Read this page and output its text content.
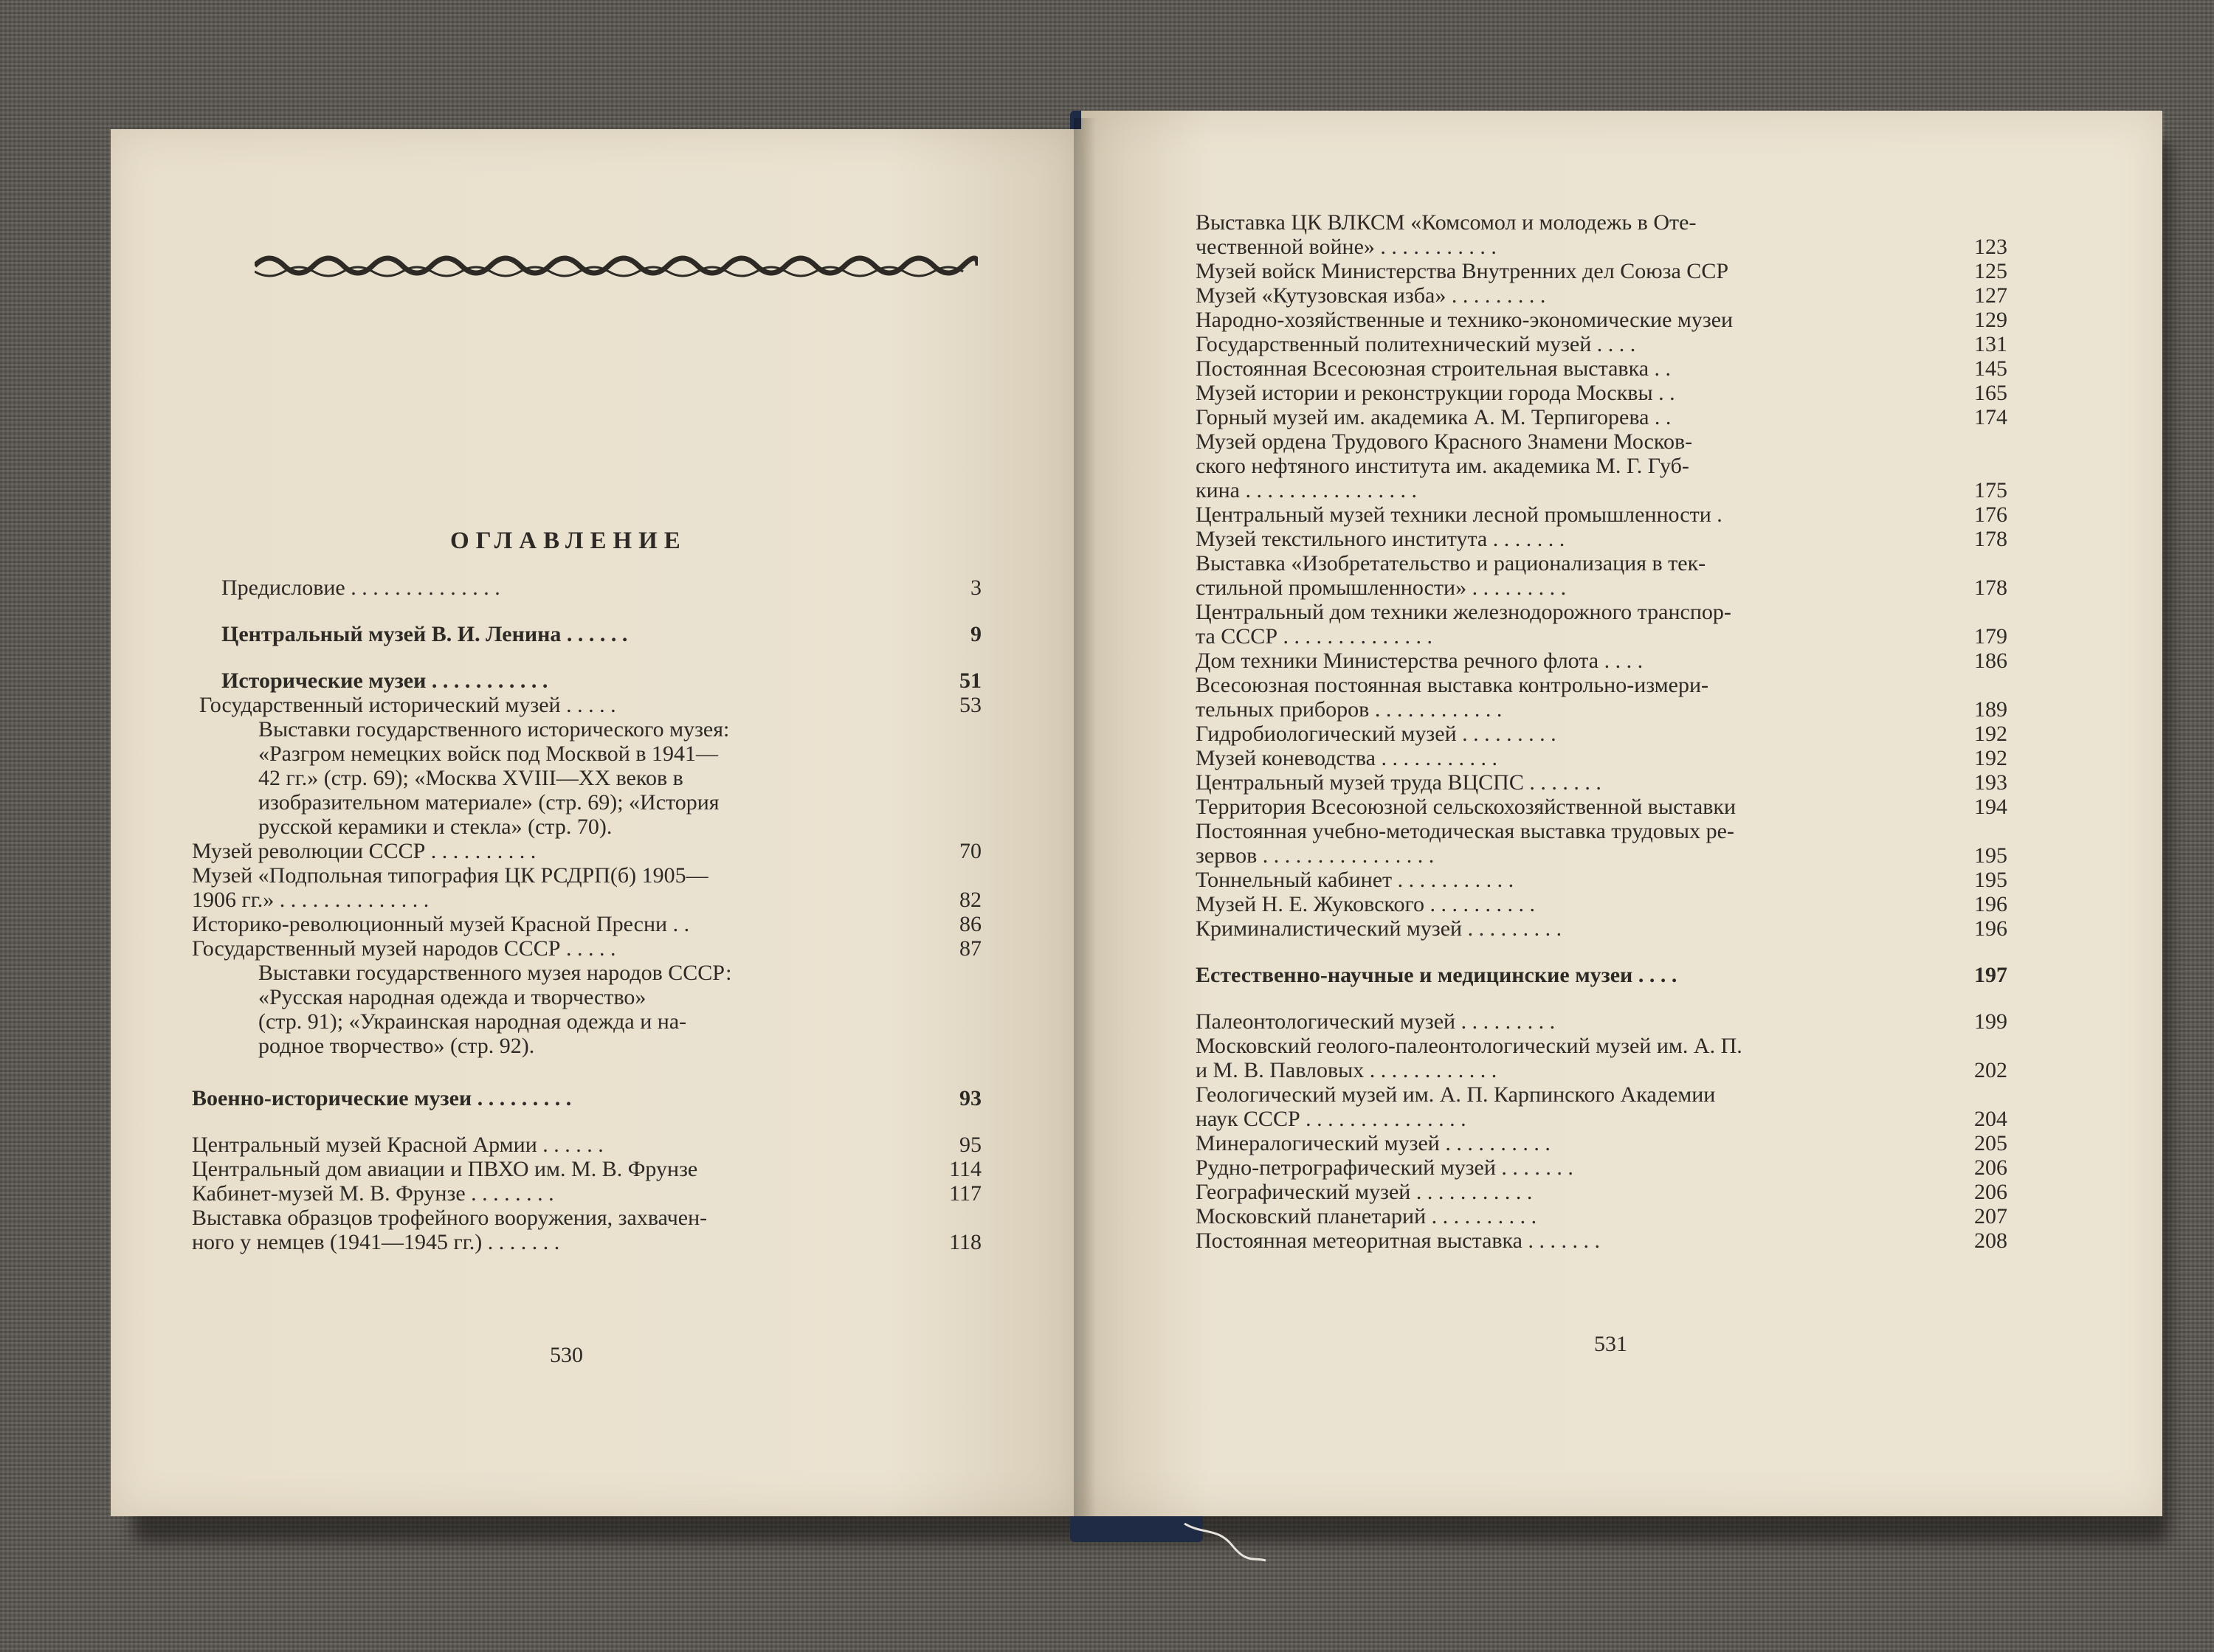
ОГЛАВЛЕНИЕ
Предисловие . . . . . . . . . . . . . .	3
Центральный музей В. И. Ленина . . . . . .	9
Исторические музеи . . . . . . . . . . .	51
Государственный исторический музей . . . . .	53
Выставки государственного исторического музея:
«Разгром немецких войск под Москвой в 1941—
42 гг.» (стр. 69); «Москва XVIII—XX веков в
изобразительном материале» (стр. 69); «История
русской керамики и стекла» (стр. 70).
Музей революции СССР . . . . . . . . . .	70
Музей «Подпольная типография ЦК РСДРП(б) 1905—
1906 гг.» . . . . . . . . . . . . . .	82
Историко-революционный музей Красной Пресни . .	86
Государственный музей народов СССР . . . . .	87
Выставки государственного музея народов СССР:
«Русская народная одежда и творчество»
(стр. 91); «Украинская народная одежда и на-
родное творчество» (стр. 92).
Военно-исторические музеи . . . . . . . . .	93
Центральный музей Красной Армии . . . . . .	95
Центральный дом авиации и ПВХО им. М. В. Фрунзе	114
Кабинет-музей М. В. Фрунзе . . . . . . . .	117
Выставка образцов трофейного вооружения, захвачен-
ного у немцев (1941—1945 гг.) . . . . . . .	118
530
Выставка ЦК ВЛКСМ «Комсомол и молодежь в Оте-
чественной войне» . . . . . . . . . . .	123
Музей войск Министерства Внутренних дел Союза ССР	125
Музей «Кутузовская изба» . . . . . . . . .	127
Народно-хозяйственные и технико-экономические музеи	129
Государственный политехнический музей . . . .	131
Постоянная Всесоюзная строительная выставка . .	145
Музей истории и реконструкции города Москвы . .	165
Горный музей им. академика А. М. Терпигорева . .	174
Музей ордена Трудового Красного Знамени Москов-
ского нефтяного института им. академика М. Г. Губ-
кина . . . . . . . . . . . . . . . .	175
Центральный музей техники лесной промышленности .	176
Музей текстильного института . . . . . . .	178
Выставка «Изобретательство и рационализация в тек-
стильной промышленности» . . . . . . . . .	178
Центральный дом техники железнодорожного транспор-
та СССР . . . . . . . . . . . . . .	179
Дом техники Министерства речного флота . . . .	186
Всесоюзная постоянная выставка контрольно-измери-
тельных приборов . . . . . . . . . . . .	189
Гидробиологический музей . . . . . . . . .	192
Музей коневодства . . . . . . . . . . .	192
Центральный музей труда ВЦСПС . . . . . . .	193
Территория Всесоюзной сельскохозяйственной выставки	194
Постоянная учебно-методическая выставка трудовых ре-
зервов . . . . . . . . . . . . . . . .	195
Тоннельный кабинет . . . . . . . . . . .	195
Музей Н. Е. Жуковского . . . . . . . . . .	196
Криминалистический музей . . . . . . . . .	196
Естественно-научные и медицинские музеи . . . .	197
Палеонтологический музей . . . . . . . . .	199
Московский геолого-палеонтологический музей им. А. П.
и М. В. Павловых . . . . . . . . . . . .	202
Геологический музей им. А. П. Карпинского Академии
наук СССР . . . . . . . . . . . . . . .	204
Минералогический музей . . . . . . . . . .	205
Рудно-петрографический музей . . . . . . .	206
Географический музей . . . . . . . . . . .	206
Московский планетарий . . . . . . . . . .	207
Постоянная метеоритная выставка . . . . . . .	208
531
